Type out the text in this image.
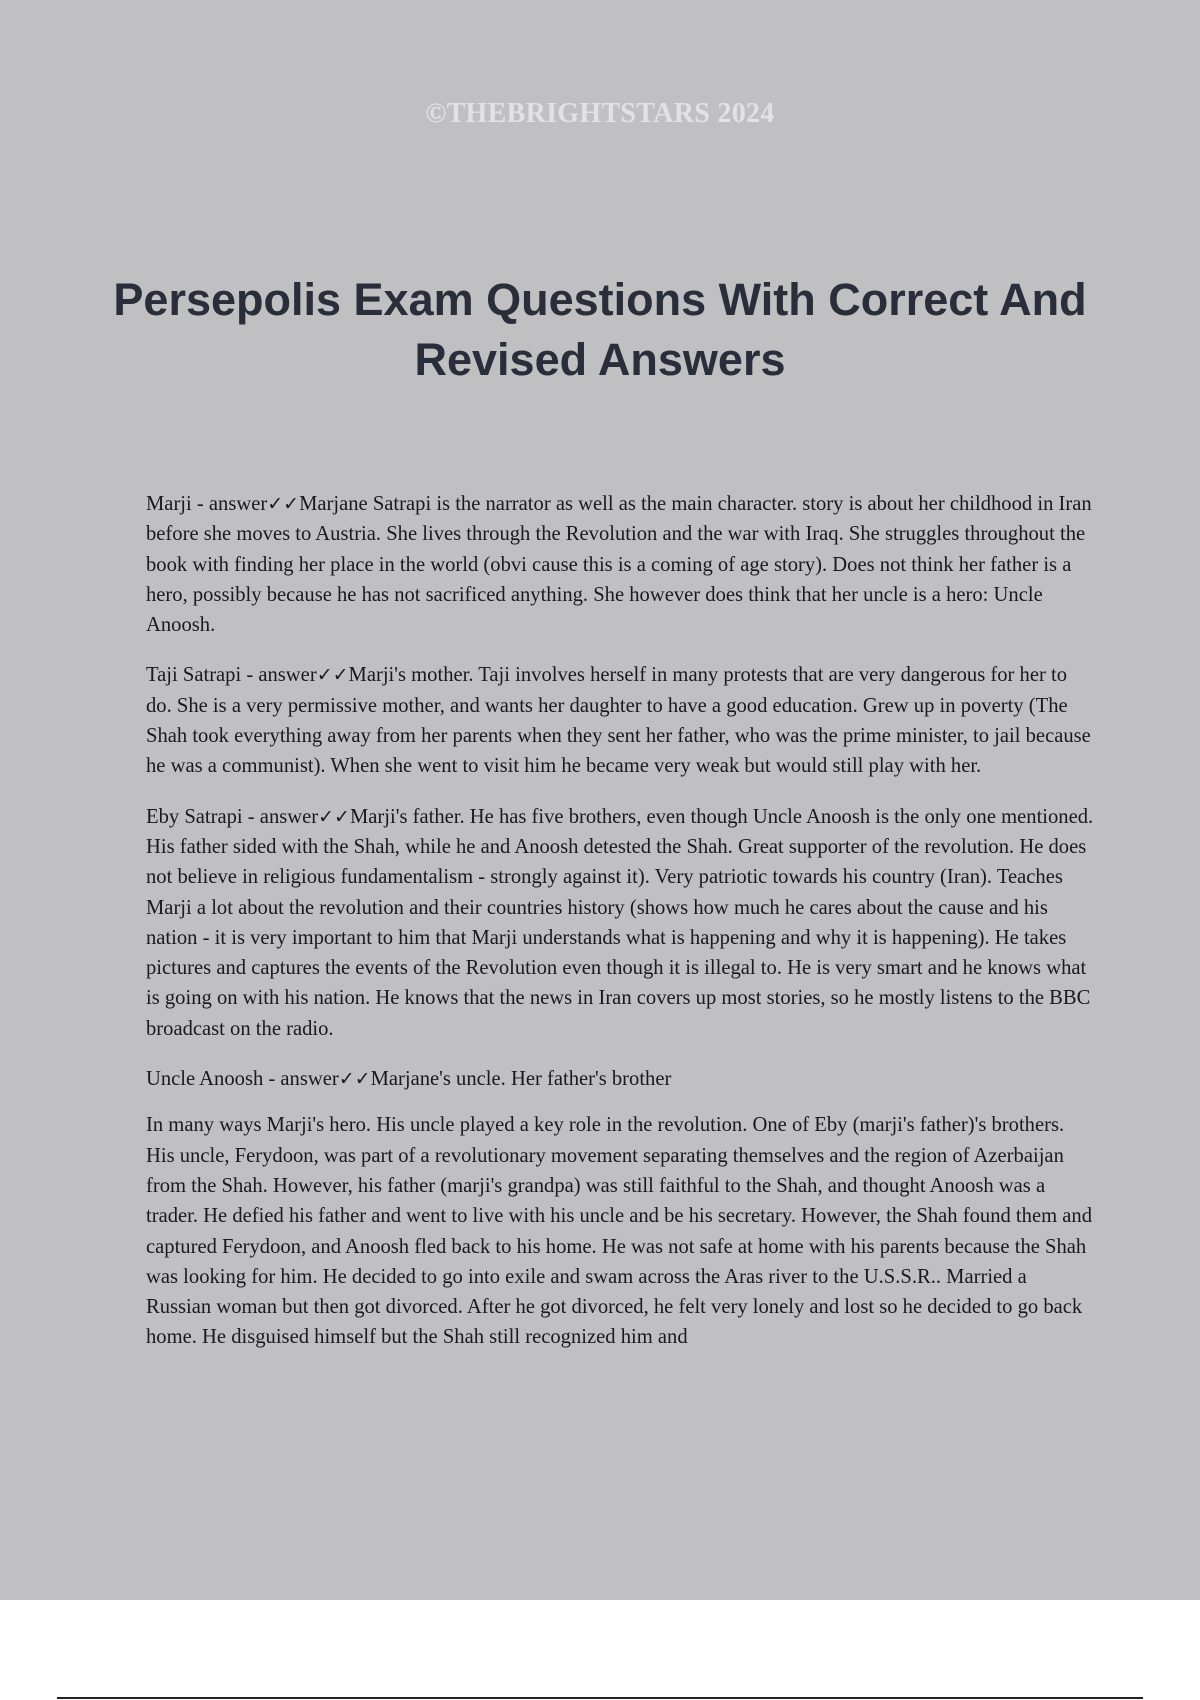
©THEBRIGHTSTARS 2024
Persepolis Exam Questions With Correct And Revised Answers

Marji - answer✓✓Marjane Satrapi is the narrator as well as the main character. story is about her childhood in Iran before she moves to Austria. She lives through the Revolution and the war with Iraq. She struggles throughout the book with finding her place in the world (obvi cause this is a coming of age story). Does not think her father is a hero, possibly because he has not sacrificed anything. She however does think that her uncle is a hero: Uncle Anoosh.

Taji Satrapi - answer✓✓Marji's mother. Taji involves herself in many protests that are very dangerous for her to do. She is a very permissive mother, and wants her daughter to have a good education. Grew up in poverty (The Shah took everything away from her parents when they sent her father, who was the prime minister, to jail because he was a communist). When she went to visit him he became very weak but would still play with her.

Eby Satrapi - answer✓✓Marji's father. He has five brothers, even though Uncle Anoosh is the only one mentioned. His father sided with the Shah, while he and Anoosh detested the Shah. Great supporter of the revolution. He does not believe in religious fundamentalism - strongly against it). Very patriotic towards his country (Iran). Teaches Marji a lot about the revolution and their countries history (shows how much he cares about the cause and his nation - it is very important to him that Marji understands what is happening and why it is happening). He takes pictures and captures the events of the Revolution even though it is illegal to. He is very smart and he knows what is going on with his nation. He knows that the news in Iran covers up most stories, so he mostly listens to the BBC broadcast on the radio.

Uncle Anoosh - answer✓✓Marjane's uncle. Her father's brother

In many ways Marji's hero. His uncle played a key role in the revolution. One of Eby (marji's father)'s brothers. His uncle, Ferydoon, was part of a revolutionary movement separating themselves and the region of Azerbaijan from the Shah. However, his father (marji's grandpa) was still faithful to the Shah, and thought Anoosh was a trader. He defied his father and went to live with his uncle and be his secretary. However, the Shah found them and captured Ferydoon, and Anoosh fled back to his home. He was not safe at home with his parents because the Shah was looking for him. He decided to go into exile and swam across the Aras river to the U.S.S.R.. Married a Russian woman but then got divorced. After he got divorced, he felt very lonely and lost so he decided to go back home. He disguised himself but the Shah still recognized him and
